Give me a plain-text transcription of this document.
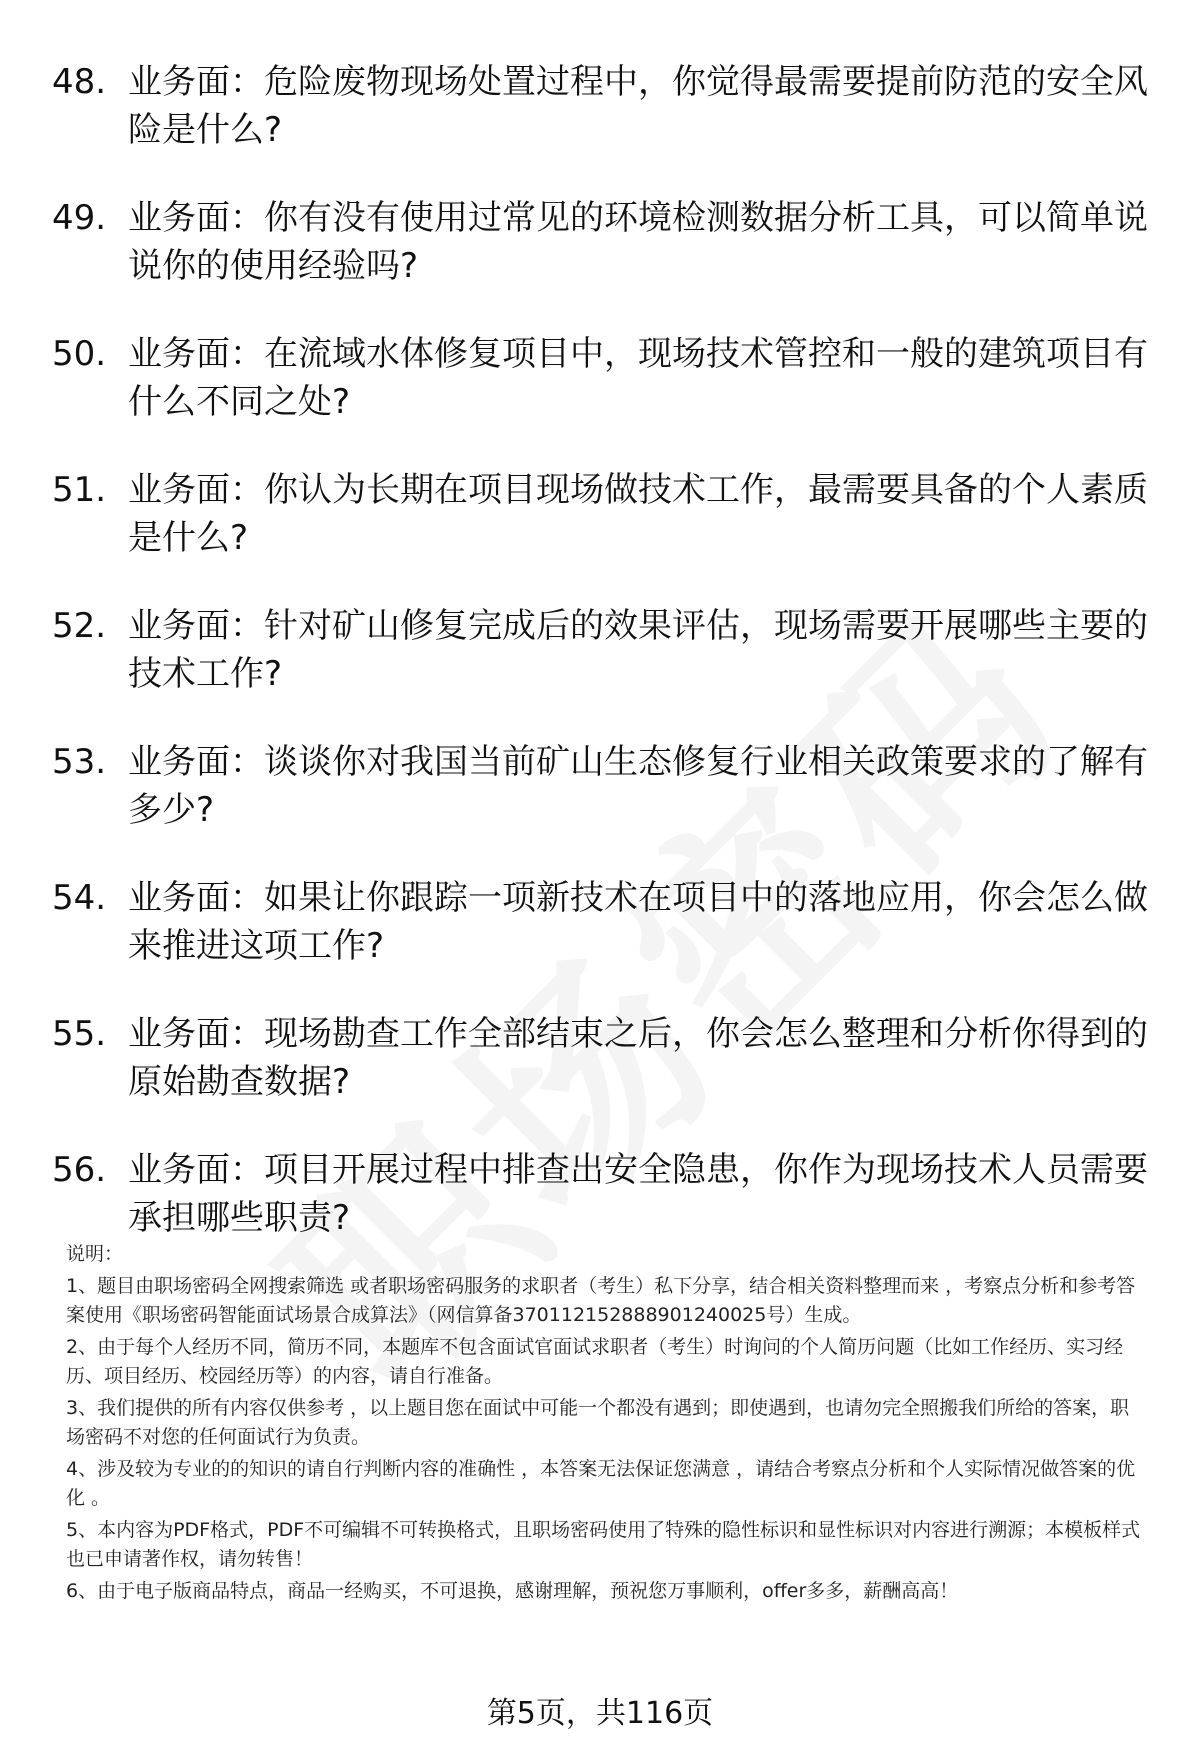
48. 业务面：危险废物现场处置过程中，你觉得最需要提前防范的安全风险是什么?
49. 业务面：你有没有使用过常见的环境检测数据分析工具，可以简单说说你的使用经验吗?
50. 业务面：在流域水体修复项目中，现场技术管控和一般的建筑项目有什么不同之处?
51. 业务面：你认为长期在项目现场做技术工作，最需要具备的个人素质是什么?
52. 业务面：针对矿山修复完成后的效果评估，现场需要开展哪些主要的技术工作?
53. 业务面：谈谈你对我国当前矿山生态修复行业相关政策要求的了解有多少?
54. 业务面：如果让你跟踪一项新技术在项目中的落地应用，你会怎么做来推进这项工作?
55. 业务面：现场勘查工作全部结束之后，你会怎么整理和分析你得到的原始勘查数据?
56. 业务面：项目开展过程中排查出安全隐患，你作为现场技术人员需要承担哪些职责?

说明：

1、题目由职场密码全网搜索筛选 或者职场密码服务的求职者（考生）私下分享，结合相关资料整理而来 ，考察点分析和参考答案使用《职场密码智能面试场景合成算法》（网信算备370112152888901240025号）生成。

2、由于每个人经历不同，简历不同，本题库不包含面试官面试求职者（考生）时询问的个人简历问题（比如工作经历、实习经历、项目经历、校园经历等）的内容，请自行准备。

3、我们提供的所有内容仅供参考 ，以上题目您在面试中可能一个都没有遇到；即使遇到，也请勿完全照搬我们所给的答案，职场密码不对您的任何面试行为负责。

4、涉及较为专业的的知识的请自行判断内容的准确性 ，本答案无法保证您满意 ，请结合考察点分析和个人实际情况做答案的优化 。

5、本内容为PDF格式，PDF不可编辑不可转换格式，且职场密码使用了特殊的隐性标识和显性标识对内容进行溯源；本模板样式也已申请著作权，请勿转售！

6、由于电子版商品特点，商品一经购买，不可退换，感谢理解，预祝您万事顺利，offer多多，薪酬高高！

第5页，共116页
